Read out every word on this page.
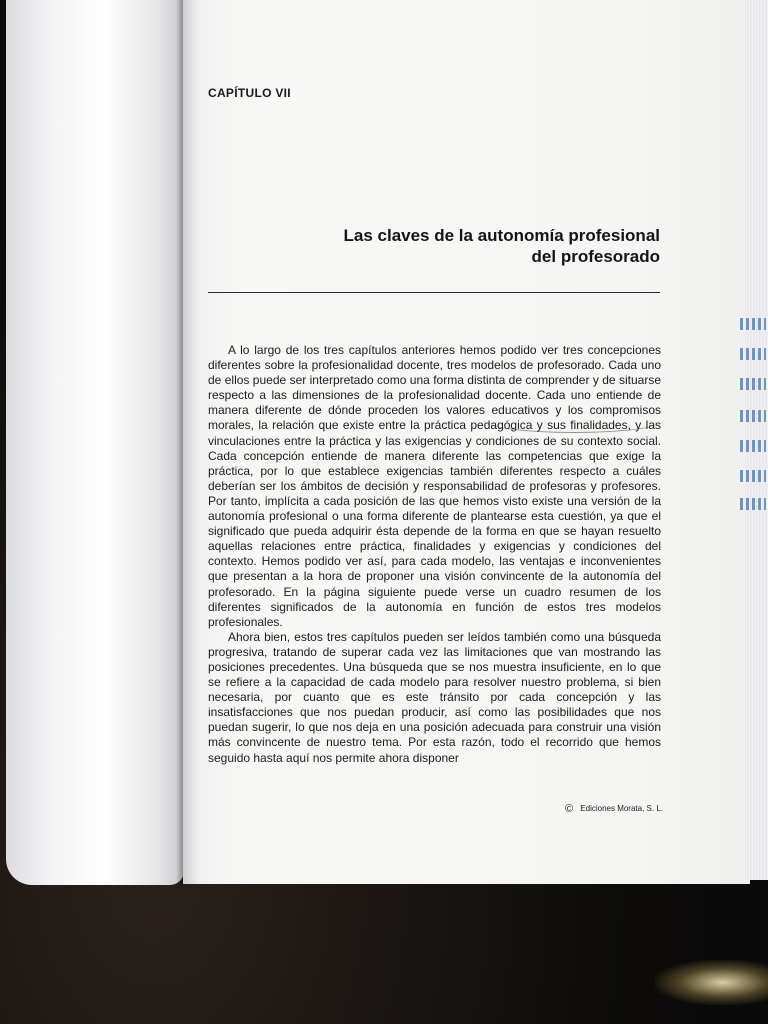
CAPÍTULO VII
Las claves de la autonomía profesional
del profesorado

A lo largo de los tres capítulos anteriores hemos podido ver tres concepciones diferentes sobre la profesionalidad docente, tres modelos de profesorado. Cada uno de ellos puede ser interpretado como una forma distinta de comprender y de situarse respecto a las dimensiones de la profesionalidad docente. Cada uno entiende de manera diferente de dónde proceden los valores educativos y los compromisos morales, la relación que existe entre la práctica pedagógica y sus finalidades, y las vinculaciones entre la práctica y las exigencias y condiciones de su contexto social. Cada concepción entiende de manera diferente las competencias que exige la práctica, por lo que establece exigencias también diferentes respecto a cuáles deberían ser los ámbitos de decisión y responsabilidad de profesoras y profesores. Por tanto, implícita a cada posición de las que hemos visto existe una versión de la autonomía profesional o una forma diferente de plantearse esta cuestión, ya que el significado que pueda adquirir ésta depende de la forma en que se hayan resuelto aquellas relaciones entre práctica, finalidades y exigencias y condiciones del contexto. Hemos podido ver así, para cada modelo, las ventajas e inconvenientes que presentan a la hora de proponer una visión convincente de la autonomía del profesorado. En la página siguiente puede verse un cuadro resumen de los diferentes significados de la autonomía en función de estos tres modelos profesionales.

Ahora bien, estos tres capítulos pueden ser leídos también como una búsqueda progresiva, tratando de superar cada vez las limitaciones que van mostrando las posiciones precedentes. Una búsqueda que se nos muestra insuficiente, en lo que se refiere a la capacidad de cada modelo para resolver nuestro problema, si bien necesaria, por cuanto que es este tránsito por cada concepción y las insatisfacciones que nos puedan producir, así como las posibilidades que nos puedan sugerir, lo que nos deja en una posición adecuada para construir una visión más convincente de nuestro tema. Por esta razón, todo el recorrido que hemos seguido hasta aquí nos permite ahora disponer

© Ediciones Morata, S. L.
